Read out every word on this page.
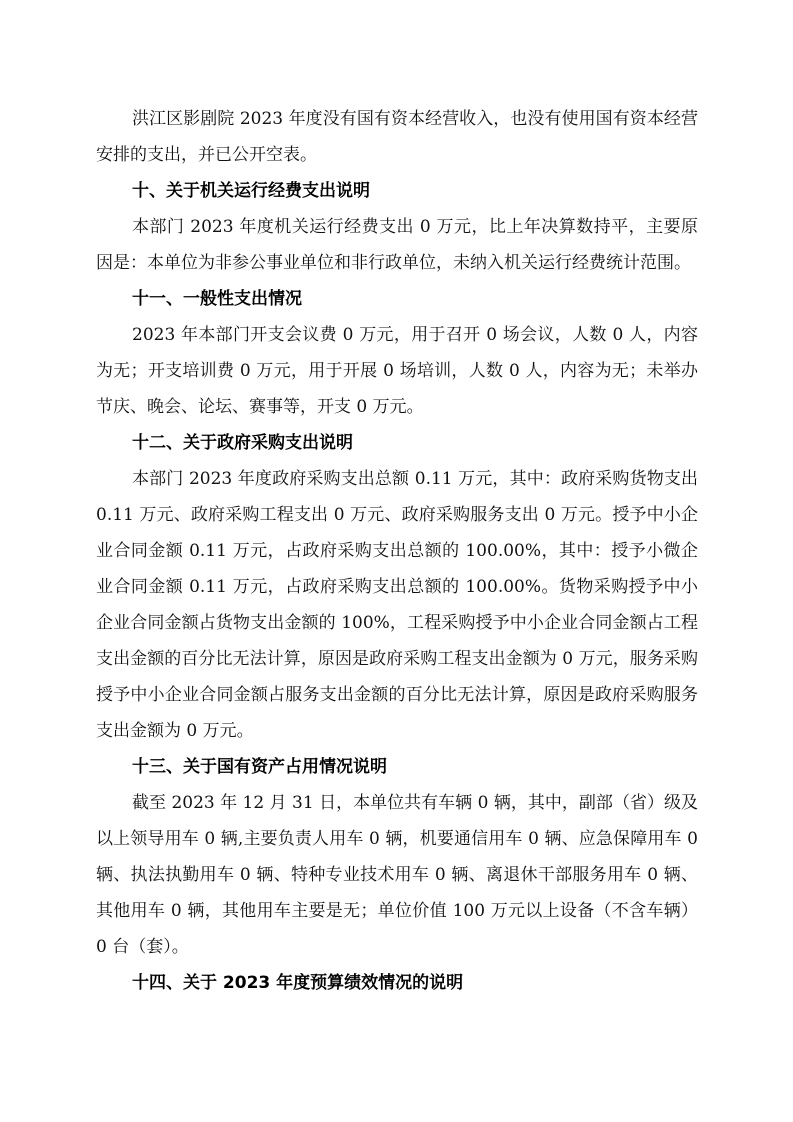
洪江区影剧院 2023 年度没有国有资本经营收入，也没有使用国有资本经营安排的支出，并已公开空表。

十、关于机关运行经费支出说明

本部门 2023 年度机关运行经费支出 0 万元，比上年决算数持平，主要原因是：本单位为非参公事业单位和非行政单位，未纳入机关运行经费统计范围。

十一、一般性支出情况

2023 年本部门开支会议费 0 万元，用于召开 0 场会议，人数 0 人，内容为无；开支培训费 0 万元，用于开展 0 场培训，人数 0 人，内容为无；未举办节庆、晚会、论坛、赛事等，开支 0 万元。

十二、关于政府采购支出说明

本部门 2023 年度政府采购支出总额 0.11 万元，其中：政府采购货物支出 0.11 万元、政府采购工程支出 0 万元、政府采购服务支出 0 万元。授予中小企业合同金额 0.11 万元，占政府采购支出总额的 100.00%，其中：授予小微企业合同金额 0.11 万元，占政府采购支出总额的 100.00%。货物采购授予中小企业合同金额占货物支出金额的 100%，工程采购授予中小企业合同金额占工程支出金额的百分比无法计算，原因是政府采购工程支出金额为 0 万元，服务采购授予中小企业合同金额占服务支出金额的百分比无法计算，原因是政府采购服务支出金额为 0 万元。

十三、关于国有资产占用情况说明

截至 2023 年 12 月 31 日，本单位共有车辆 0 辆，其中，副部（省）级及以上领导用车 0 辆,主要负责人用车 0 辆，机要通信用车 0 辆、应急保障用车 0 辆、执法执勤用车 0 辆、特种专业技术用车 0 辆、离退休干部服务用车 0 辆、其他用车 0 辆，其他用车主要是无；单位价值 100 万元以上设备（不含车辆）0 台（套）。

十四、关于 2023 年度预算绩效情况的说明
